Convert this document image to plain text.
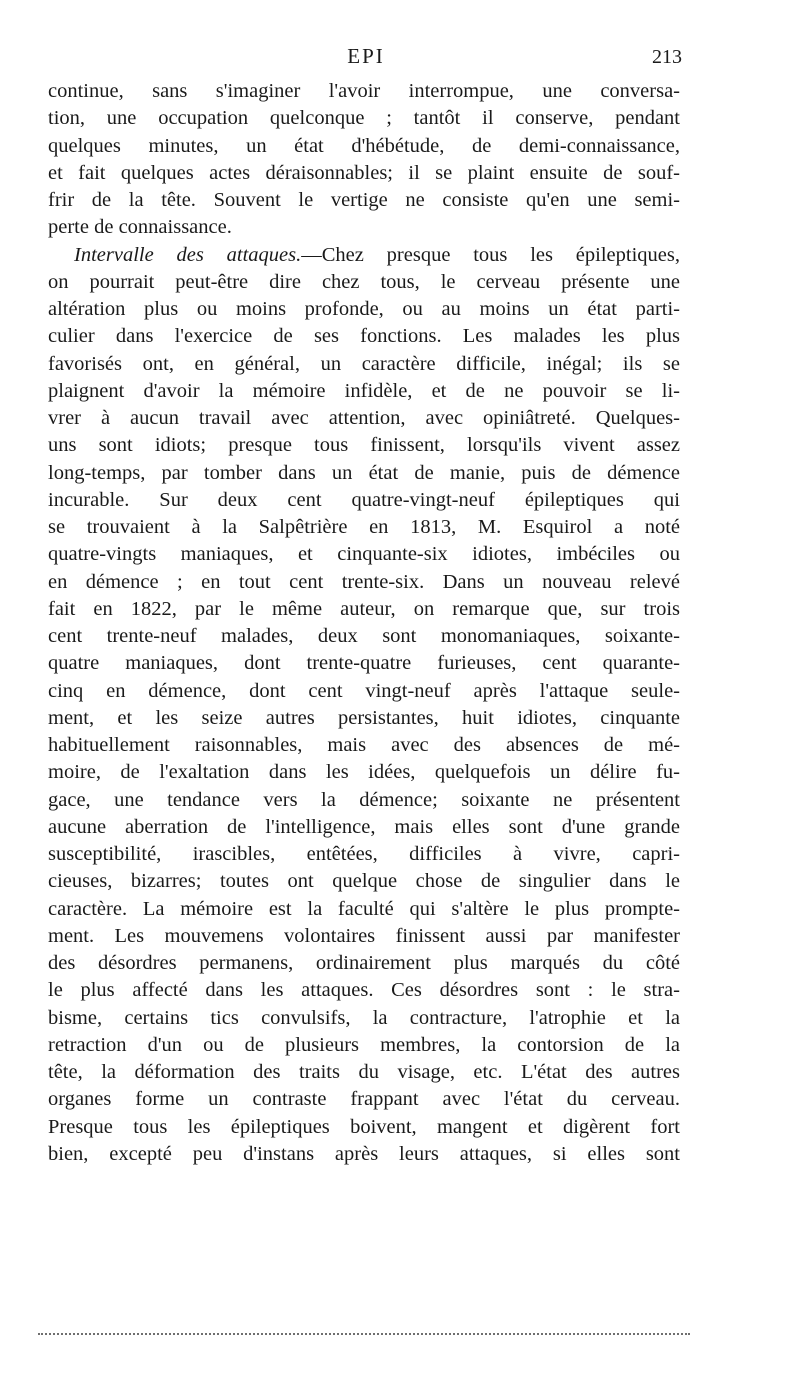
EPI	213
continue, sans s'imaginer l'avoir interrompue, une conversa-
tion, une occupation quelconque ; tantôt il conserve, pendant
quelques minutes, un état d'hébétude, de demi-connaissance,
et fait quelques actes déraisonnables; il se plaint ensuite de souf-
frir de la tête. Souvent le vertige ne consiste qu'en une semi-
perte de connaissance.
Intervalle des attaques.—Chez presque tous les épileptiques,
on pourrait peut-être dire chez tous, le cerveau présente une
altération plus ou moins profonde, ou au moins un état parti-
culier dans l'exercice de ses fonctions. Les malades les plus
favorisés ont, en général, un caractère difficile, inégal; ils se
plaignent d'avoir la mémoire infidèle, et de ne pouvoir se li-
vrer à aucun travail avec attention, avec opiniâtreté. Quelques-
uns sont idiots; presque tous finissent, lorsqu'ils vivent assez
long-temps, par tomber dans un état de manie, puis de démence
incurable. Sur deux cent quatre-vingt-neuf épileptiques qui
se trouvaient à la Salpêtrière en 1813, M. Esquirol a noté
quatre-vingts maniaques, et cinquante-six idiotes, imbéciles ou
en démence ; en tout cent trente-six. Dans un nouveau relevé
fait en 1822, par le même auteur, on remarque que, sur trois
cent trente-neuf malades, deux sont monomaniaques, soixante-
quatre maniaques, dont trente-quatre furieuses, cent quarante-
cinq en démence, dont cent vingt-neuf après l'attaque seule-
ment, et les seize autres persistantes, huit idiotes, cinquante
habituellement raisonnables, mais avec des absences de mé-
moire, de l'exaltation dans les idées, quelquefois un délire fu-
gace, une tendance vers la démence; soixante ne présentent
aucune aberration de l'intelligence, mais elles sont d'une grande
susceptibilité, irascibles, entêtées, difficiles à vivre, capri-
cieuses, bizarres; toutes ont quelque chose de singulier dans le
caractère. La mémoire est la faculté qui s'altère le plus prompte-
ment. Les mouvemens volontaires finissent aussi par manifester
des désordres permanens, ordinairement plus marqués du côté
le plus affecté dans les attaques. Ces désordres sont : le stra-
bisme, certains tics convulsifs, la contracture, l'atrophie et la
retraction d'un ou de plusieurs membres, la contorsion de la
tête, la déformation des traits du visage, etc. L'état des autres
organes forme un contraste frappant avec l'état du cerveau.
Presque tous les épileptiques boivent, mangent et digèrent fort
bien, excepté peu d'instans après leurs attaques, si elles sont
